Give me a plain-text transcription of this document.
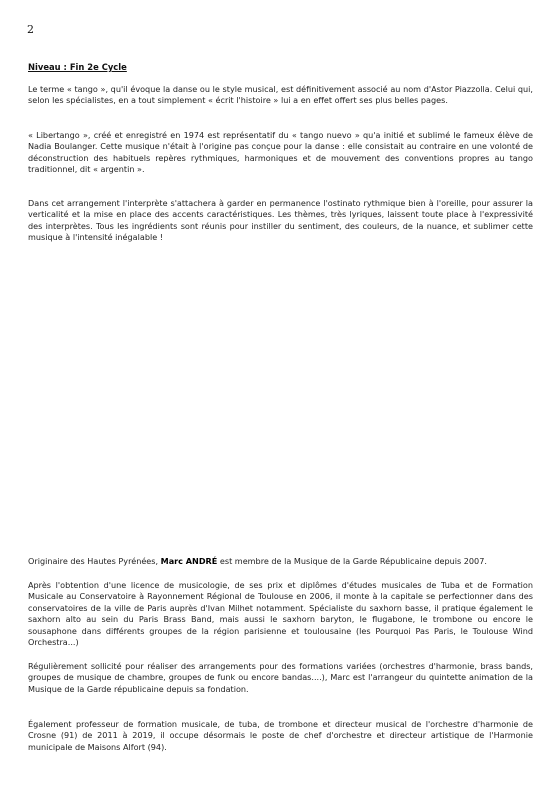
2
Niveau : Fin 2e Cycle

Le terme « tango », qu'il évoque la danse ou le style musical, est définitivement associé au nom d'Astor Piazzolla. Celui qui, selon les spécialistes, en a tout simplement « écrit l'histoire » lui a en effet offert ses plus belles pages.

« Libertango », créé et enregistré en 1974 est représentatif du « tango nuevo » qu'a initié et sublimé le fameux élève de Nadia Boulanger. Cette musique n'était à l'origine pas conçue pour la danse : elle consistait au contraire en une volonté de déconstruction des habituels repères rythmiques, harmoniques et de mouvement des conventions propres au tango traditionnel, dit « argentin ».

Dans cet arrangement l'interprète s'attachera à garder en permanence l'ostinato rythmique bien à l'oreille, pour assurer la verticalité et la mise en place des accents caractéristiques. Les thèmes, très lyriques, laissent toute place à l'expressivité des interprètes. Tous les ingrédients sont réunis pour instiller du sentiment, des couleurs, de la nuance, et sublimer cette musique à l'intensité inégalable !

Originaire des Hautes Pyrénées, Marc ANDRÉ est membre de la Musique de la Garde Républicaine depuis 2007.

Après l'obtention d'une licence de musicologie, de ses prix et diplômes d'études musicales de Tuba et de Formation Musicale au Conservatoire à Rayonnement Régional de Toulouse en 2006, il monte à la capitale se perfectionner dans des conservatoires de la ville de Paris auprès d'Ivan Milhet notamment. Spécialiste du saxhorn basse, il pratique également le saxhorn alto au sein du Paris Brass Band, mais aussi le saxhorn baryton, le flugabone, le trombone ou encore le sousaphone dans différents groupes de la région parisienne et toulousaine (les Pourquoi Pas Paris, le Toulouse Wind Orchestra...)

Régulièrement sollicité pour réaliser des arrangements pour des formations variées (orchestres d'harmonie, brass bands, groupes de musique de chambre, groupes de funk ou encore bandas....), Marc est l'arrangeur du quintette animation de la Musique de la Garde républicaine depuis sa fondation.

Également professeur de formation musicale, de tuba, de trombone et directeur musical de l'orchestre d'harmonie de Crosne (91) de 2011 à 2019, il occupe désormais le poste de chef d'orchestre et directeur artistique de l'Harmonie municipale de Maisons Alfort (94).
